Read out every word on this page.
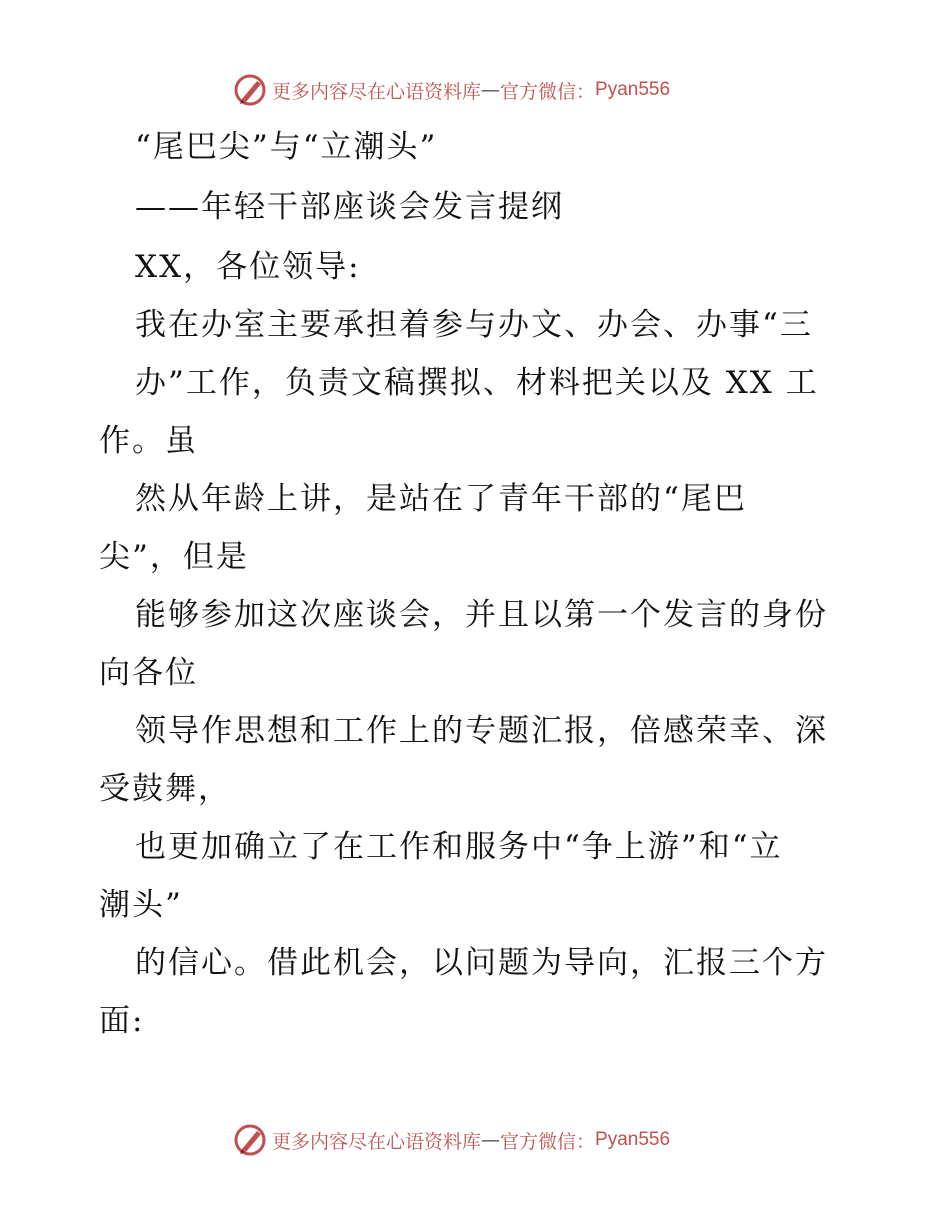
更多内容尽在心语资料库 — 官方微信： Pyan556
“尾巴尖”与“立潮头”
——年轻干部座谈会发言提纲
XX，各位领导:
我在办室主要承担着参与办文、办会、办事“三
办”工作，负责文稿撰拟、材料把关以及 XX 工
作。虽
然从年龄上讲，是站在了青年干部的“尾巴
尖”，但是
能够参加这次座谈会，并且以第一个发言的身份
向各位
领导作思想和工作上的专题汇报，倍感荣幸、深
受鼓舞，
也更加确立了在工作和服务中“争上游”和“立
潮头”
的信心。借此机会，以问题为导向，汇报三个方
面:
更多内容尽在心语资料库 — 官方微信： Pyan556
